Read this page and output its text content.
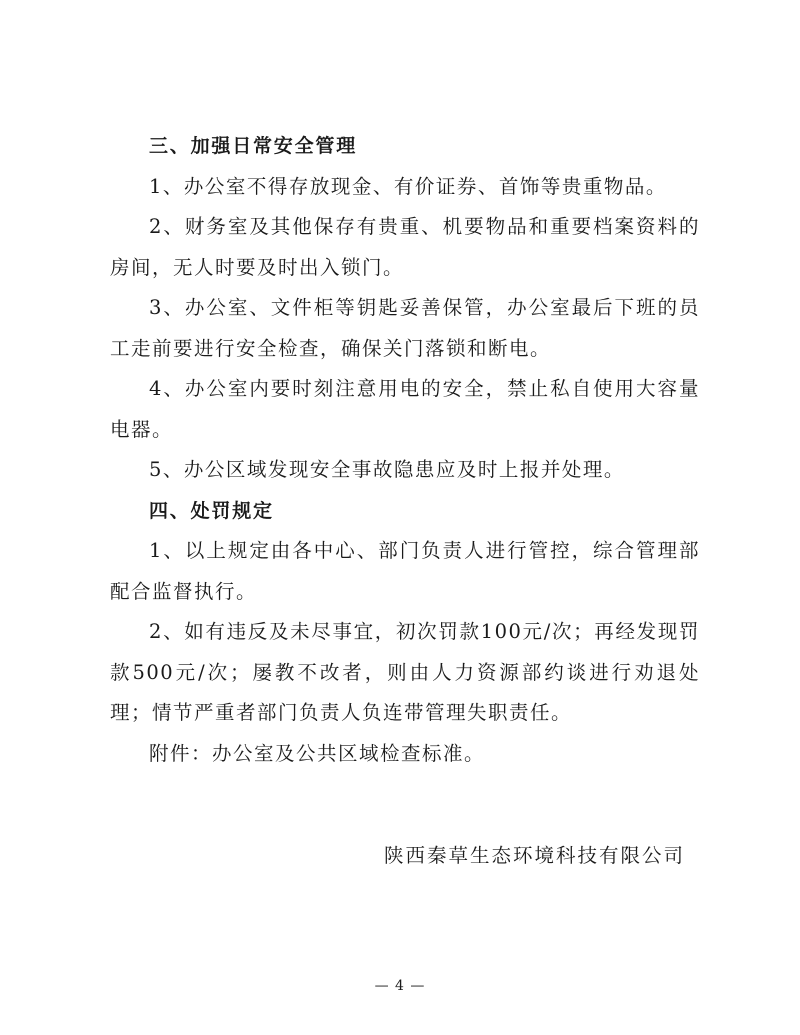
三、加强日常安全管理

1、办公室不得存放现金、有价证券、首饰等贵重物品。

2、财务室及其他保存有贵重、机要物品和重要档案资料的房间，无人时要及时出入锁门。

3、办公室、文件柜等钥匙妥善保管，办公室最后下班的员工走前要进行安全检查，确保关门落锁和断电。

4、办公室内要时刻注意用电的安全，禁止私自使用大容量电器。

5、办公区域发现安全事故隐患应及时上报并处理。

四、处罚规定

1、以上规定由各中心、部门负责人进行管控，综合管理部配合监督执行。

2、如有违反及未尽事宜，初次罚款100元/次；再经发现罚款500元/次；屡教不改者，则由人力资源部约谈进行劝退处理；情节严重者部门负责人负连带管理失职责任。

附件：办公室及公共区域检查标准。

陕西秦草生态环境科技有限公司
— 4 —
